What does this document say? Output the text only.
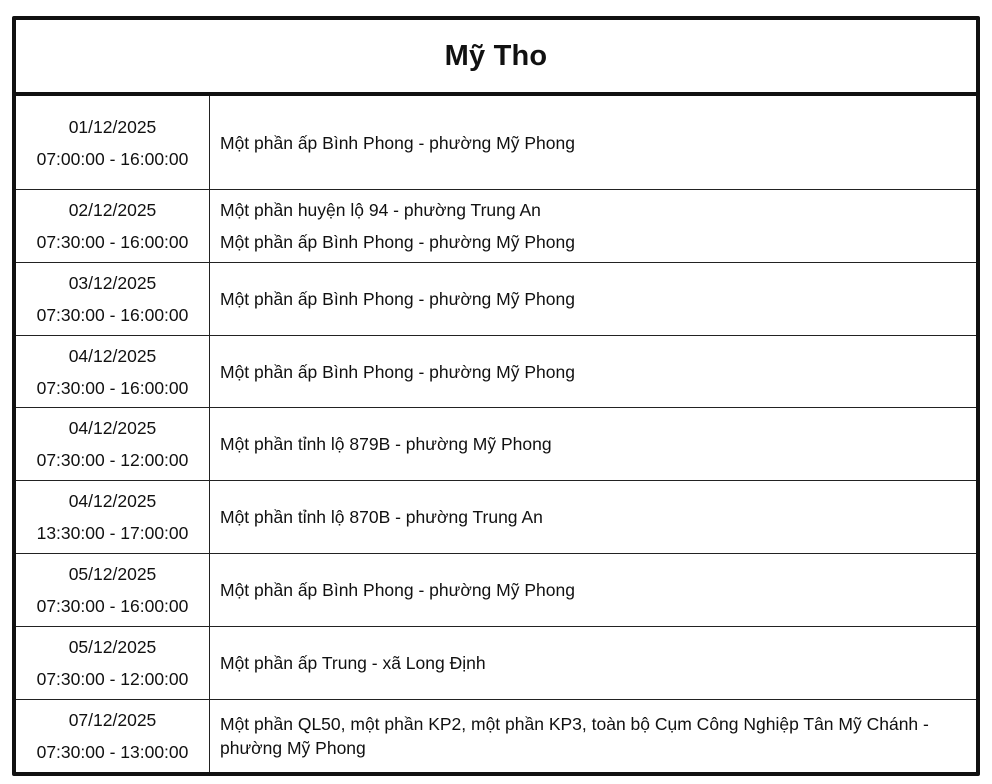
Mỹ Tho
01/12/2025
07:00:00 - 16:00:00
Một phần ấp Bình Phong - phường Mỹ Phong
02/12/2025
07:30:00 - 16:00:00
Một phần huyện lộ 94 - phường Trung An
Một phần ấp Bình Phong - phường Mỹ Phong
03/12/2025
07:30:00 - 16:00:00
Một phần ấp Bình Phong - phường Mỹ Phong
04/12/2025
07:30:00 - 16:00:00
Một phần ấp Bình Phong - phường Mỹ Phong
04/12/2025
07:30:00 - 12:00:00
Một phần tỉnh lộ 879B - phường Mỹ Phong
04/12/2025
13:30:00 - 17:00:00
Một phần tỉnh lộ 870B - phường Trung An
05/12/2025
07:30:00 - 16:00:00
Một phần ấp Bình Phong - phường Mỹ Phong
05/12/2025
07:30:00 - 12:00:00
Một phần ấp Trung - xã Long Định
07/12/2025
07:30:00 - 13:00:00
Một phần QL50, một phần KP2, một phần KP3, toàn bộ Cụm Công Nghiệp Tân Mỹ Chánh - phường Mỹ Phong
